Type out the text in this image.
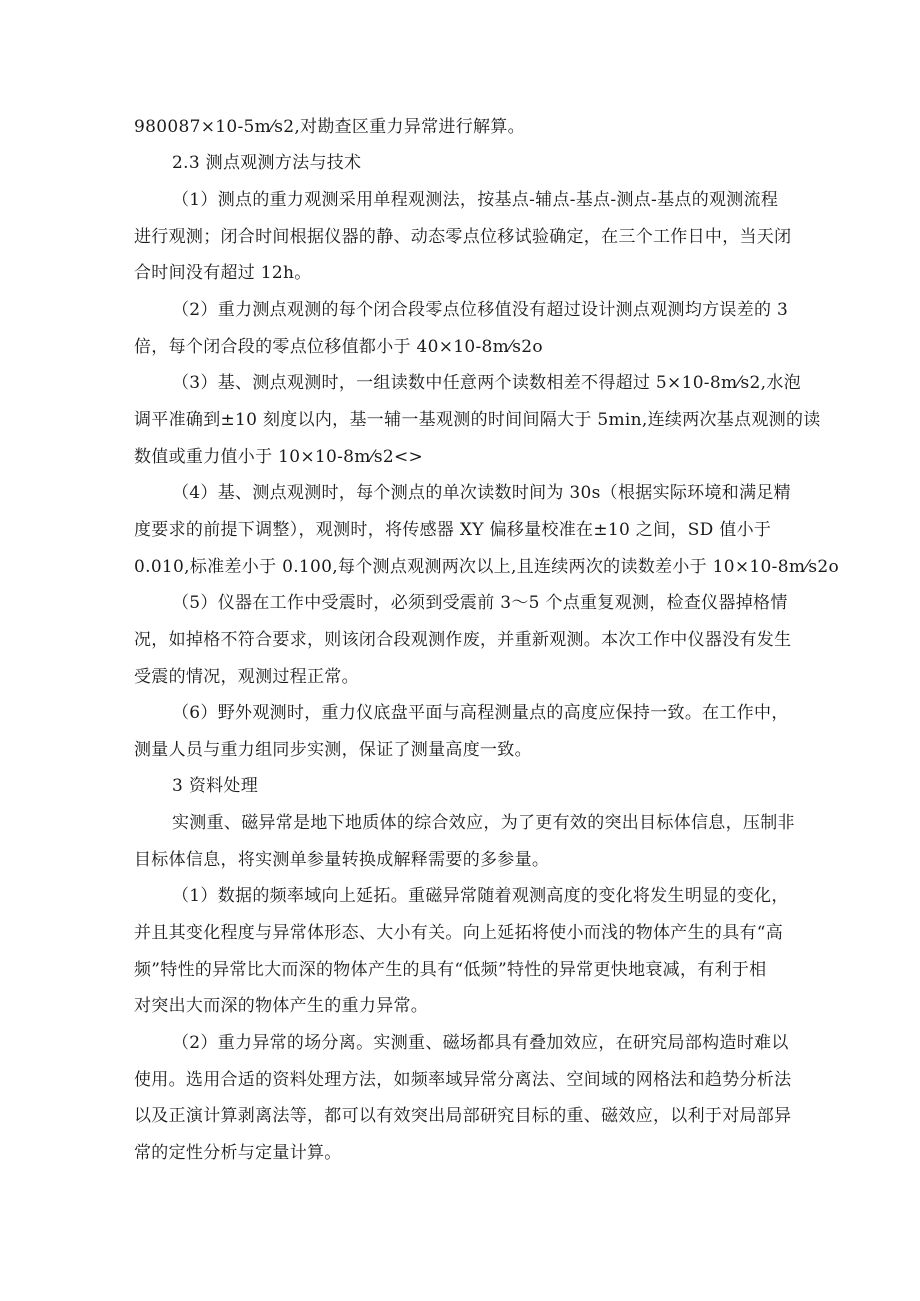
980087×10-5m⁄s2,对勘查区重力异常进行解算。
2.3 测点观测方法与技术
（1）测点的重力观测采用单程观测法，按基点-辅点-基点-测点-基点的观测流程
进行观测；闭合时间根据仪器的静、动态零点位移试验确定，在三个工作日中，当天闭
合时间没有超过 12h。
（2）重力测点观测的每个闭合段零点位移值没有超过设计测点观测均方误差的 3
倍，每个闭合段的零点位移值都小于 40×10-8m⁄s2o
（3）基、测点观测时，一组读数中任意两个读数相差不得超过 5×10-8m⁄s2,水泡
调平准确到±10 刻度以内，基一辅一基观测的时间间隔大于 5min,连续两次基点观测的读
数值或重力值小于 10×10-8m⁄s2<>
（4）基、测点观测时，每个测点的单次读数时间为 30s（根据实际环境和满足精
度要求的前提下调整），观测时，将传感器 XY 偏移量校准在±10 之间，SD 值小于
0.010,标准差小于 0.100,每个测点观测两次以上,且连续两次的读数差小于 10×10-8m⁄s2o
（5）仪器在工作中受震时，必须到受震前 3～5 个点重复观测，检查仪器掉格情
况，如掉格不符合要求，则该闭合段观测作废，并重新观测。本次工作中仪器没有发生
受震的情况，观测过程正常。
（6）野外观测时，重力仪底盘平面与高程测量点的高度应保持一致。在工作中，
测量人员与重力组同步实测，保证了测量高度一致。
3 资料处理
实测重、磁异常是地下地质体的综合效应，为了更有效的突出目标体信息，压制非
目标体信息，将实测单参量转换成解释需要的多参量。
（1）数据的频率域向上延拓。重磁异常随着观测高度的变化将发生明显的变化，
并且其变化程度与异常体形态、大小有关。向上延拓将使小而浅的物体产生的具有“高
频”特性的异常比大而深的物体产生的具有“低频”特性的异常更快地衰减，有利于相
对突出大而深的物体产生的重力异常。
（2）重力异常的场分离。实测重、磁场都具有叠加效应，在研究局部构造时难以
使用。选用合适的资料处理方法，如频率域异常分离法、空间域的网格法和趋势分析法
以及正演计算剥离法等，都可以有效突出局部研究目标的重、磁效应，以利于对局部异
常的定性分析与定量计算。
